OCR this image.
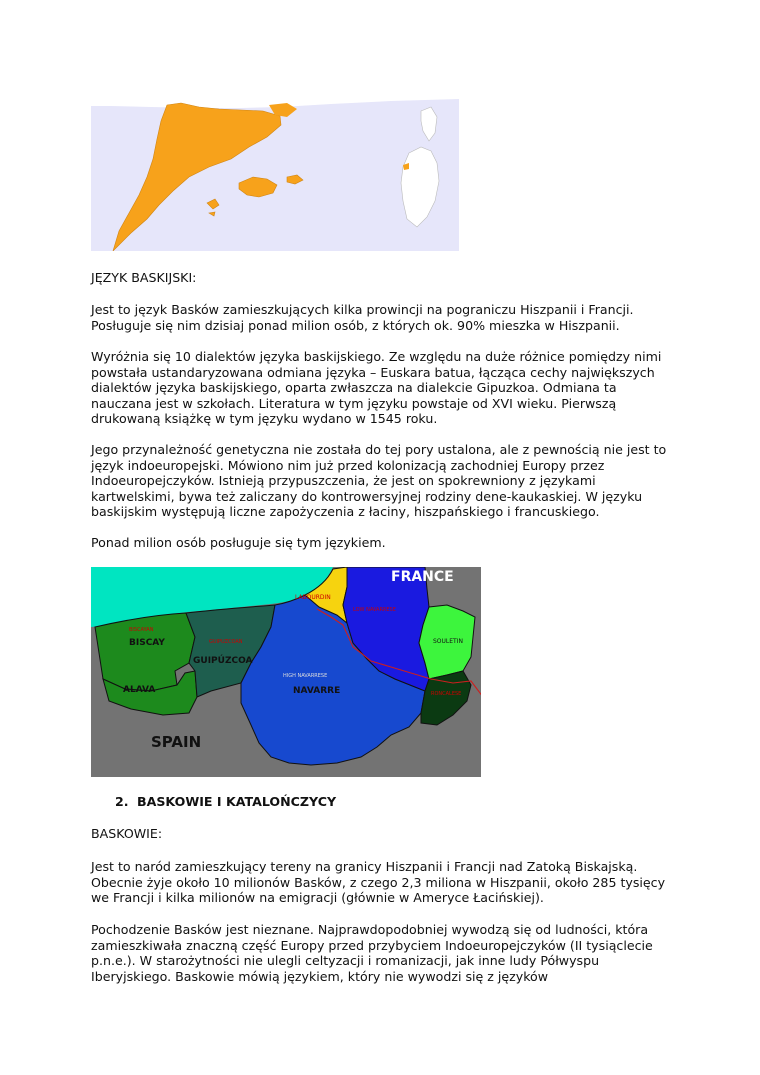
JĘZYK BASKIJSKI:

Jest to język Basków zamieszkujących kilka prowincji na pograniczu Hiszpanii i Francji. Posługuje się nim dzisiaj ponad milion osób, z których ok. 90% mieszka w Hiszpanii.

Wyróżnia się 10 dialektów języka baskijskiego. Ze względu na duże różnice pomiędzy nimi powstała ustandaryzowana odmiana języka – Euskara batua, łącząca cechy największych dialektów języka baskijskiego, oparta zwłaszcza na dialekcie Gipuzkoa. Odmiana ta nauczana jest w szkołach. Literatura w tym języku powstaje od XVI wieku. Pierwszą drukowaną książkę w tym języku wydano w 1545 roku.

Jego przynależność genetyczna nie została do tej pory ustalona, ale z pewnością nie jest to język indoeuropejski. Mówiono nim już przed kolonizacją zachodniej Europy przez Indoeuropejczyków. Istnieją przypuszczenia, że jest on spokrewniony z językami kartwelskimi, bywa też zaliczany do kontrowersyjnej rodziny dene-kaukaskiej. W języku baskijskim występują liczne zapożyczenia z łaciny, hiszpańskiego i francuskiego.

Ponad milion osób posługuje się tym językiem.

FRANCE
SPAIN
BISCAYAN
BISCAY	GUIPUZCOAN
GUIPÚZCOA
ALAVA
HIGH NAVARRESE
NAVARRE
LABOURDIN
LOW NAVARRESE
SOULETIN
RONCALESE
2. BASKOWIE I KATALOŃCZYCY

BASKOWIE:

Jest to naród zamieszkujący tereny na granicy Hiszpanii i Francji nad Zatoką Biskajską. Obecnie żyje około 10 milionów Basków, z czego 2,3 miliona w Hiszpanii, około 285 tysięcy we Francji i kilka milionów na emigracji (głównie w Ameryce Łacińskiej).

Pochodzenie Basków jest nieznane. Najprawdopodobniej wywodzą się od ludności, która zamieszkiwała znaczną część Europy przed przybyciem Indoeuropejczyków (II tysiąclecie p.n.e.). W starożytności nie ulegli celtyzacji i romanizacji, jak inne ludy Półwyspu Iberyjskiego. Baskowie mówią językiem, który nie wywodzi się z języków
